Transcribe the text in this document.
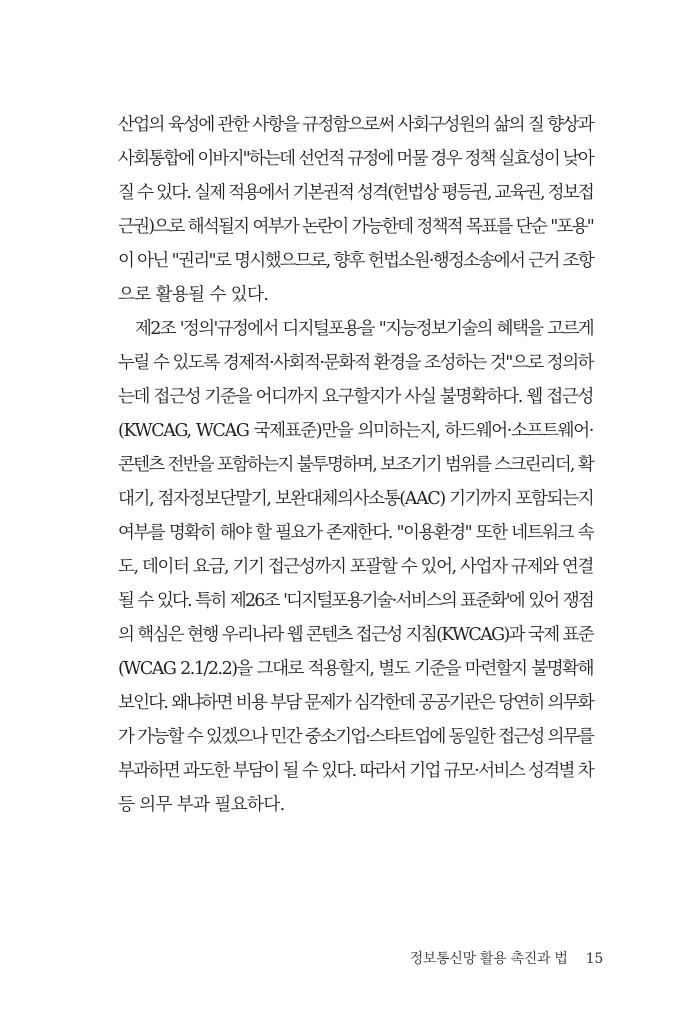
산업의 육성에 관한 사항을 규정함으로써 사회구성원의 삶의 질 향상과
사회통합에 이바지"하는데 선언적 규정에 머물 경우 정책 실효성이 낮아
질 수 있다. 실제 적용에서 기본권적 성격(헌법상 평등권, 교육권, 정보접
근권)으로 해석될지 여부가 논란이 가능한데 정책적 목표를 단순 "포용"
이 아닌 "권리"로 명시했으므로, 향후 헌법소원·행정소송에서 근거 조항
으로 활용될 수 있다.
제2조 '정의'규정에서 디지털포용을 "지능정보기술의 혜택을 고르게
누릴 수 있도록 경제적·사회적·문화적 환경을 조성하는 것"으로 정의하
는데 접근성 기준을 어디까지 요구할지가 사실 불명확하다. 웹 접근성
(KWCAG, WCAG 국제표준)만을 의미하는지, 하드웨어·소프트웨어·
콘텐츠 전반을 포함하는지 불투명하며, 보조기기 범위를 스크린리더, 확
대기, 점자정보단말기, 보완대체의사소통(AAC) 기기까지 포함되는지
여부를 명확히 해야 할 필요가 존재한다. "이용환경" 또한 네트워크 속
도, 데이터 요금, 기기 접근성까지 포괄할 수 있어, 사업자 규제와 연결
될 수 있다. 특히 제26조 '디지털포용기술·서비스의 표준화'에 있어 쟁점
의 핵심은 현행 우리나라 웹 콘텐츠 접근성 지침(KWCAG)과 국제 표준
(WCAG 2.1/2.2)을 그대로 적용할지, 별도 기준을 마련할지 불명확해
보인다. 왜냐하면 비용 부담 문제가 심각한데 공공기관은 당연히 의무화
가 가능할 수 있겠으나 민간 중소기업·스타트업에 동일한 접근성 의무를
부과하면 과도한 부담이 될 수 있다. 따라서 기업 규모·서비스 성격별 차
등 의무 부과 필요하다.
정보통신망 활용 촉진과 법 15
